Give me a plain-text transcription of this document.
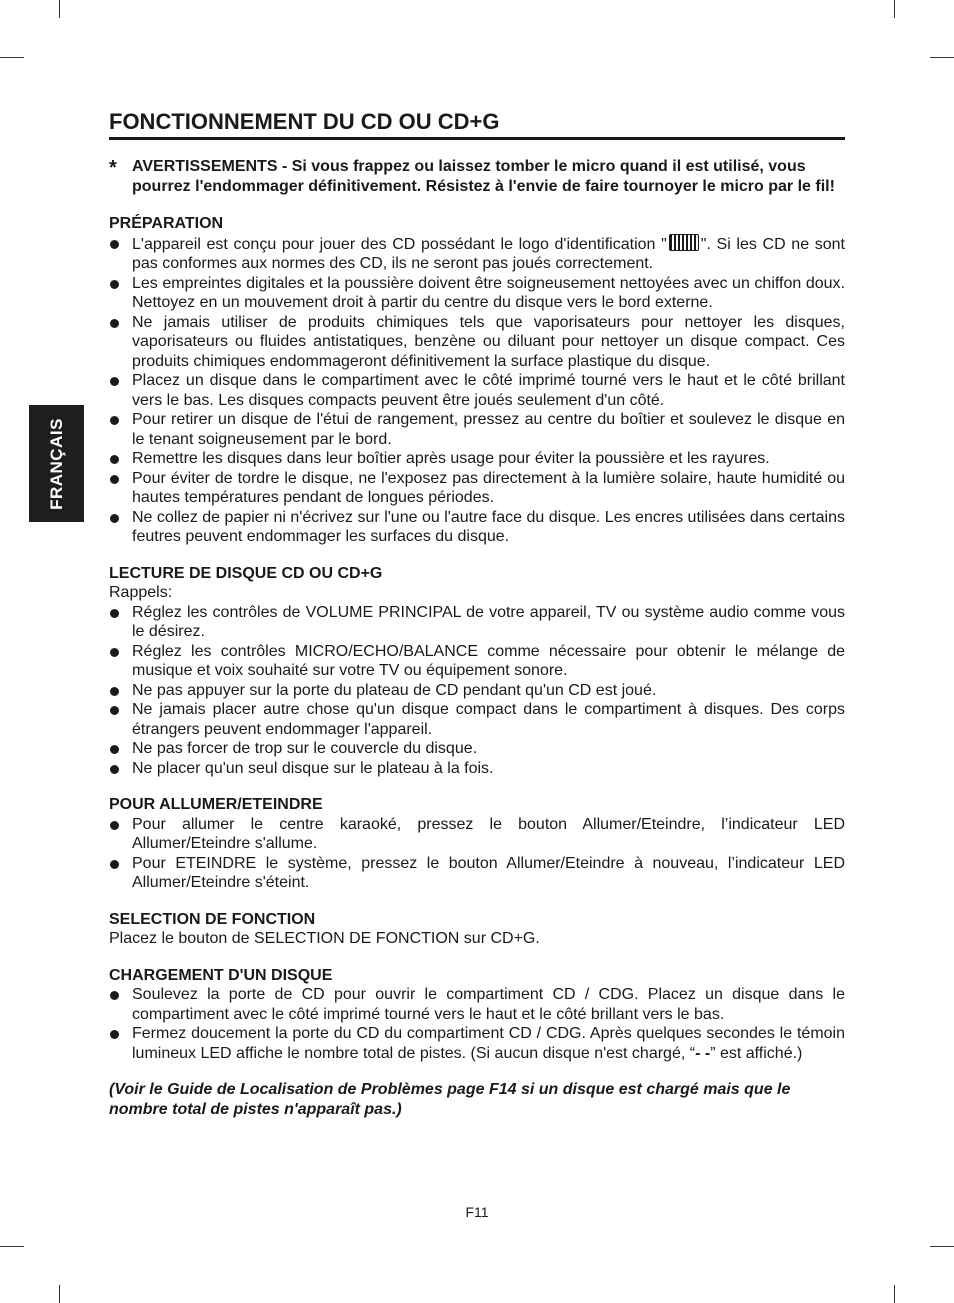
FRANÇAIS
FONCTIONNEMENT DU CD OU CD+G
* AVERTISSEMENTS - Si vous frappez ou laissez tomber le micro quand il est utilisé, vous pourrez l'endommager définitivement. Résistez à l'envie de faire tournoyer le micro par le fil!
PRÉPARATION
L'appareil est conçu pour jouer des CD possédant le logo d'identification " ". Si les CD ne sont pas conformes aux normes des CD, ils ne seront pas joués correctement.
Les empreintes digitales et la poussière doivent être soigneusement nettoyées avec un chiffon doux. Nettoyez en un mouvement droit à partir du centre du disque vers le bord externe.
Ne jamais utiliser de produits chimiques tels que vaporisateurs pour nettoyer les disques, vaporisateurs ou fluides antistatiques, benzène ou diluant pour nettoyer un disque compact. Ces produits chimiques endommageront définitivement la surface plastique du disque.
Placez un disque dans le compartiment avec le côté imprimé tourné vers le haut et le côté brillant vers le bas. Les disques compacts peuvent être joués seulement d'un côté.
Pour retirer un disque de l'étui de rangement, pressez au centre du boîtier et soulevez le disque en le tenant soigneusement par le bord.
Remettre les disques dans leur boîtier après usage pour éviter la poussière et les rayures.
Pour éviter de tordre le disque, ne l'exposez pas directement à la lumière solaire, haute humidité ou hautes températures pendant de longues périodes.
Ne collez de papier ni n'écrivez sur l'une ou l'autre face du disque. Les encres utilisées dans certains feutres peuvent endommager les surfaces du disque.
LECTURE DE DISQUE CD OU CD+G
Rappels:
Réglez les contrôles de VOLUME PRINCIPAL de votre appareil, TV ou système audio comme vous le désirez.
Réglez les contrôles MICRO/ECHO/BALANCE comme nécessaire pour obtenir le mélange de musique et voix souhaité sur votre TV ou équipement sonore.
Ne pas appuyer sur la porte du plateau de CD pendant qu'un CD est joué.
Ne jamais placer autre chose qu'un disque compact dans le compartiment à disques. Des corps étrangers peuvent endommager l'appareil.
Ne pas forcer de trop sur le couvercle du disque.
Ne placer qu'un seul disque sur le plateau à la fois.
POUR ALLUMER/ETEINDRE
Pour allumer le centre karaoké, pressez le bouton Allumer/Eteindre, l’indicateur LED Allumer/Eteindre s'allume.
Pour ETEINDRE le système, pressez le bouton Allumer/Eteindre à nouveau, l’indicateur LED Allumer/Eteindre s'éteint.
SELECTION DE FONCTION
Placez le bouton de SELECTION DE FONCTION sur CD+G.
CHARGEMENT D'UN DISQUE
Soulevez la porte de CD pour ouvrir le compartiment CD / CDG. Placez un disque dans le compartiment avec le côté imprimé tourné vers le haut et le côté brillant vers le bas.
Fermez doucement la porte du CD du compartiment CD / CDG. Après quelques secondes le témoin lumineux LED affiche le nombre total de pistes. (Si aucun disque n'est chargé, “- -” est affiché.)
(Voir le Guide de Localisation de Problèmes page F14 si un disque est chargé mais que le nombre total de pistes n'apparaît pas.)
F11
